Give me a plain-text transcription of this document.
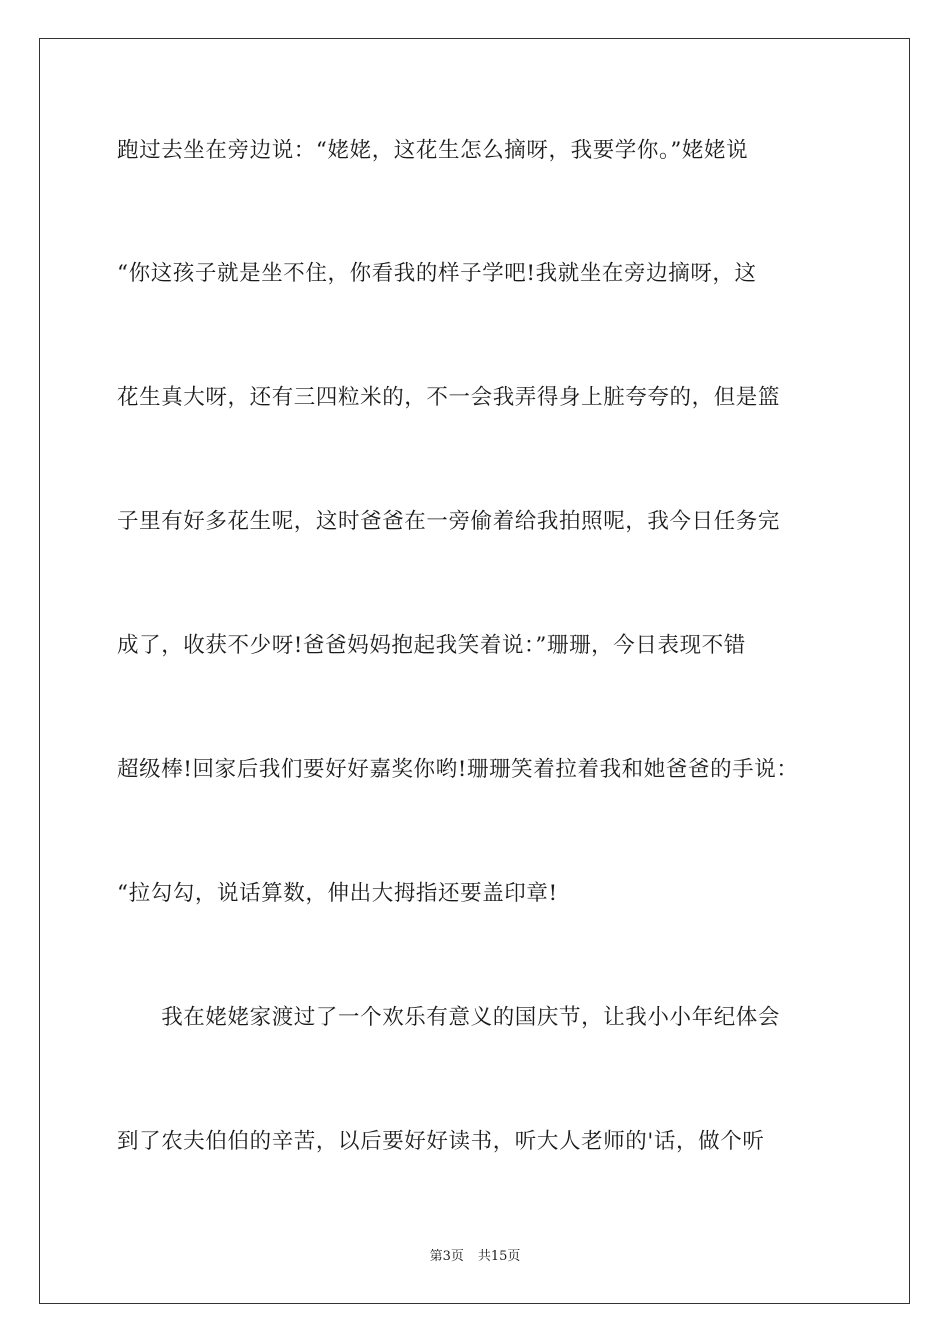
跑过去坐在旁边说：“姥姥，这花生怎么摘呀，我要学你。”姥姥说
“你这孩子就是坐不住，你看我的样子学吧!我就坐在旁边摘呀，这
花生真大呀，还有三四粒米的，不一会我弄得身上脏夸夸的，但是篮
子里有好多花生呢，这时爸爸在一旁偷着给我拍照呢，我今日任务完
成了，收获不少呀!爸爸妈妈抱起我笑着说：”珊珊，今日表现不错
超级棒!回家后我们要好好嘉奖你哟!珊珊笑着拉着我和她爸爸的手说：
“拉勾勾，说话算数，伸出大拇指还要盖印章!
　　我在姥姥家渡过了一个欢乐有意义的国庆节，让我小小年纪体会
到了农夫伯伯的辛苦，以后要好好读书，听大人老师的'话，做个听
第3页 共15页
